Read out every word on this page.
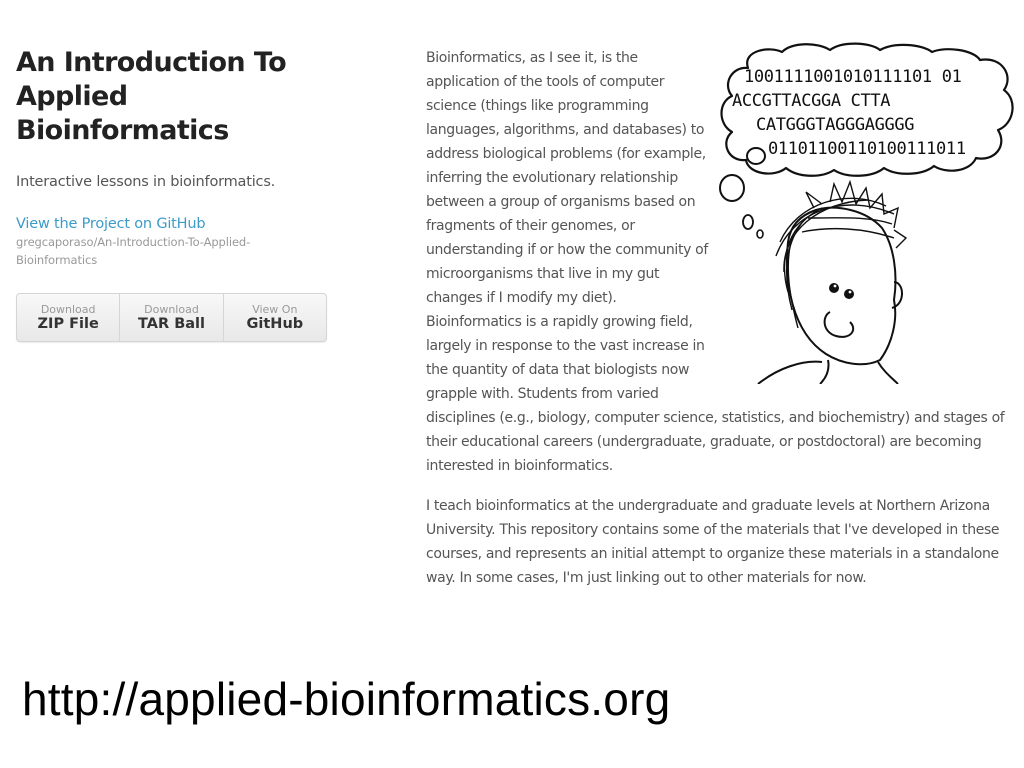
An Introduction To Applied Bioinformatics

Interactive lessons in bioinformatics.

View the Project on GitHub
gregcaporaso/An-Introduction-To-Applied-Bioinformatics
Download
ZIP File
Download
TAR Ball
View On
GitHub
1001111001010111101 01 ACCGTTACGGA CTTA CATGGGTAGGGAGGGG 01101100110100111011

Bioinformatics, as I see it, is the application of the tools of computer science (things like programming languages, algorithms, and databases) to address biological problems (for example, inferring the evolutionary relationship between a group of organisms based on fragments of their genomes, or understanding if or how the community of microorganisms that live in my gut changes if I modify my diet). Bioinformatics is a rapidly growing field, largely in response to the vast increase in the quantity of data that biologists now grapple with. Students from varied disciplines (e.g., biology, computer science, statistics, and biochemistry) and stages of their educational careers (undergraduate, graduate, or postdoctoral) are becoming interested in bioinformatics.

I teach bioinformatics at the undergraduate and graduate levels at Northern Arizona University. This repository contains some of the materials that I've developed in these courses, and represents an initial attempt to organize these materials in a standalone way. In some cases, I'm just linking out to other materials for now.

http://applied-bioinformatics.org
